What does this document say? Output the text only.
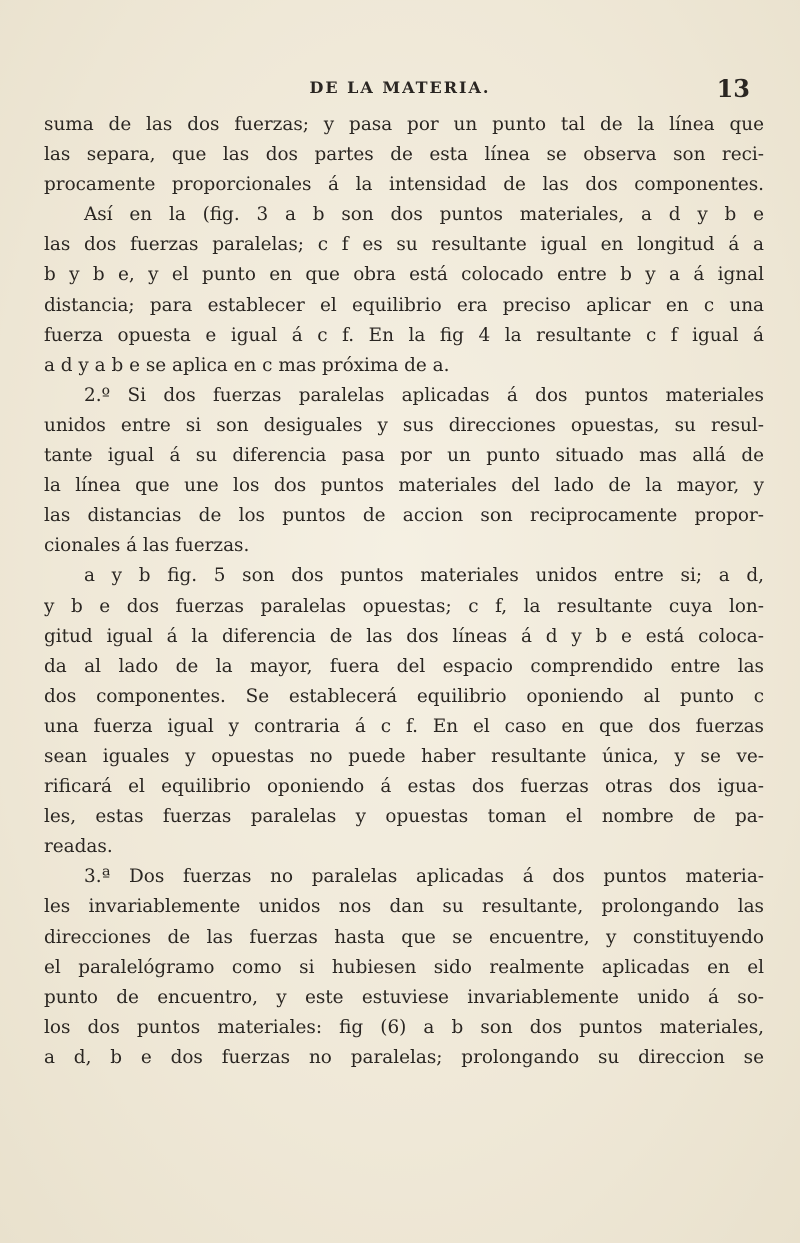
DE LA MATERIA.	13
suma de las dos fuerzas; y pasa por un punto tal de la línea que
las separa, que las dos partes de esta línea se observa son reci-
procamente proporcionales á la intensidad de las dos componentes.
Así en la (fig. 3 a b son dos puntos materiales, a d y b e
las dos fuerzas paralelas; c f es su resultante igual en longitud á a
b y b e, y el punto en que obra está colocado entre b y a á ignal
distancia; para establecer el equilibrio era preciso aplicar en c una
fuerza opuesta e igual á c f. En la fig 4 la resultante c f igual á
a d y a b e se aplica en c mas próxima de a.
2.º Si dos fuerzas paralelas aplicadas á dos puntos materiales
unidos entre si son desiguales y sus direcciones opuestas, su resul-
tante igual á su diferencia pasa por un punto situado mas allá de
la línea que une los dos puntos materiales del lado de la mayor, y
las distancias de los puntos de accion son reciprocamente propor-
cionales á las fuerzas.
a y b fig. 5 son dos puntos materiales unidos entre si; a d,
y b e dos fuerzas paralelas opuestas; c f, la resultante cuya lon-
gitud igual á la diferencia de las dos líneas á d y b e está coloca-
da al lado de la mayor, fuera del espacio comprendido entre las
dos componentes. Se establecerá equilibrio oponiendo al punto c
una fuerza igual y contraria á c f. En el caso en que dos fuerzas
sean iguales y opuestas no puede haber resultante única, y se ve-
rificará el equilibrio oponiendo á estas dos fuerzas otras dos igua-
les, estas fuerzas paralelas y opuestas toman el nombre de pa-
readas.
3.ª Dos fuerzas no paralelas aplicadas á dos puntos materia-
les invariablemente unidos nos dan su resultante, prolongando las
direcciones de las fuerzas hasta que se encuentre, y constituyendo
el paralelógramo como si hubiesen sido realmente aplicadas en el
punto de encuentro, y este estuviese invariablemente unido á so-
los dos puntos materiales: fig (6) a b son dos puntos materiales,
a d, b e dos fuerzas no paralelas; prolongando su direccion se
